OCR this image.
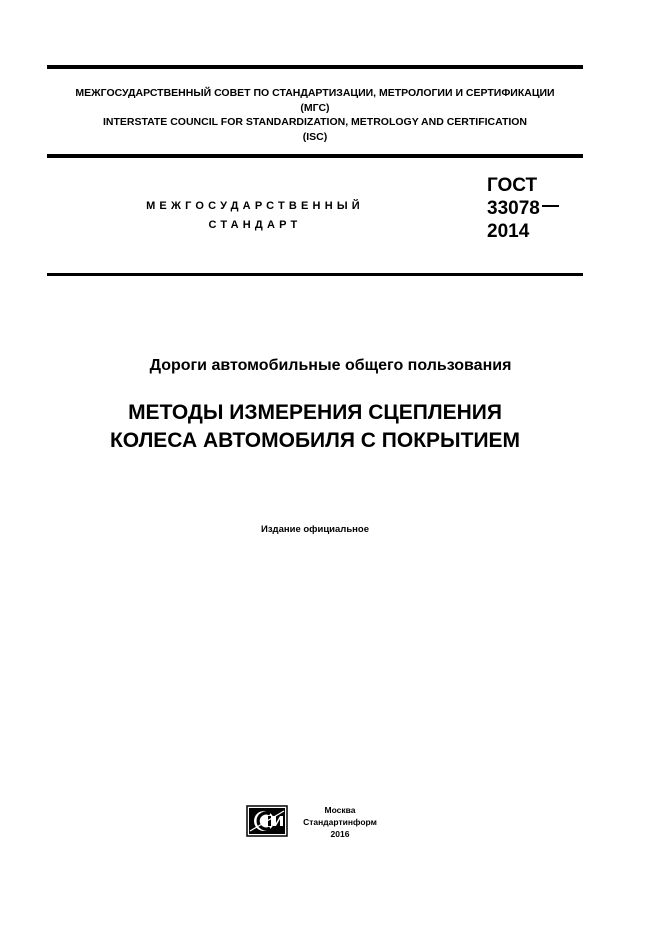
МЕЖГОСУДАРСТВЕННЫЙ СОВЕТ ПО СТАНДАРТИЗАЦИИ, МЕТРОЛОГИИ И СЕРТИФИКАЦИИ
(МГС)
INTERSTATE COUNCIL FOR STANDARDIZATION, METROLOGY AND CERTIFICATION
(ISC)
МЕЖГОСУДАРСТВЕННЫЙ
СТАНДАРТ
ГОСТ
33078
2014
Дороги автомобильные общего пользования
МЕТОДЫ ИЗМЕРЕНИЯ СЦЕПЛЕНИЯ
КОЛЕСА АВТОМОБИЛЯ С ПОКРЫТИЕМ
Издание официальное
Москва
Стандартинформ
2016
